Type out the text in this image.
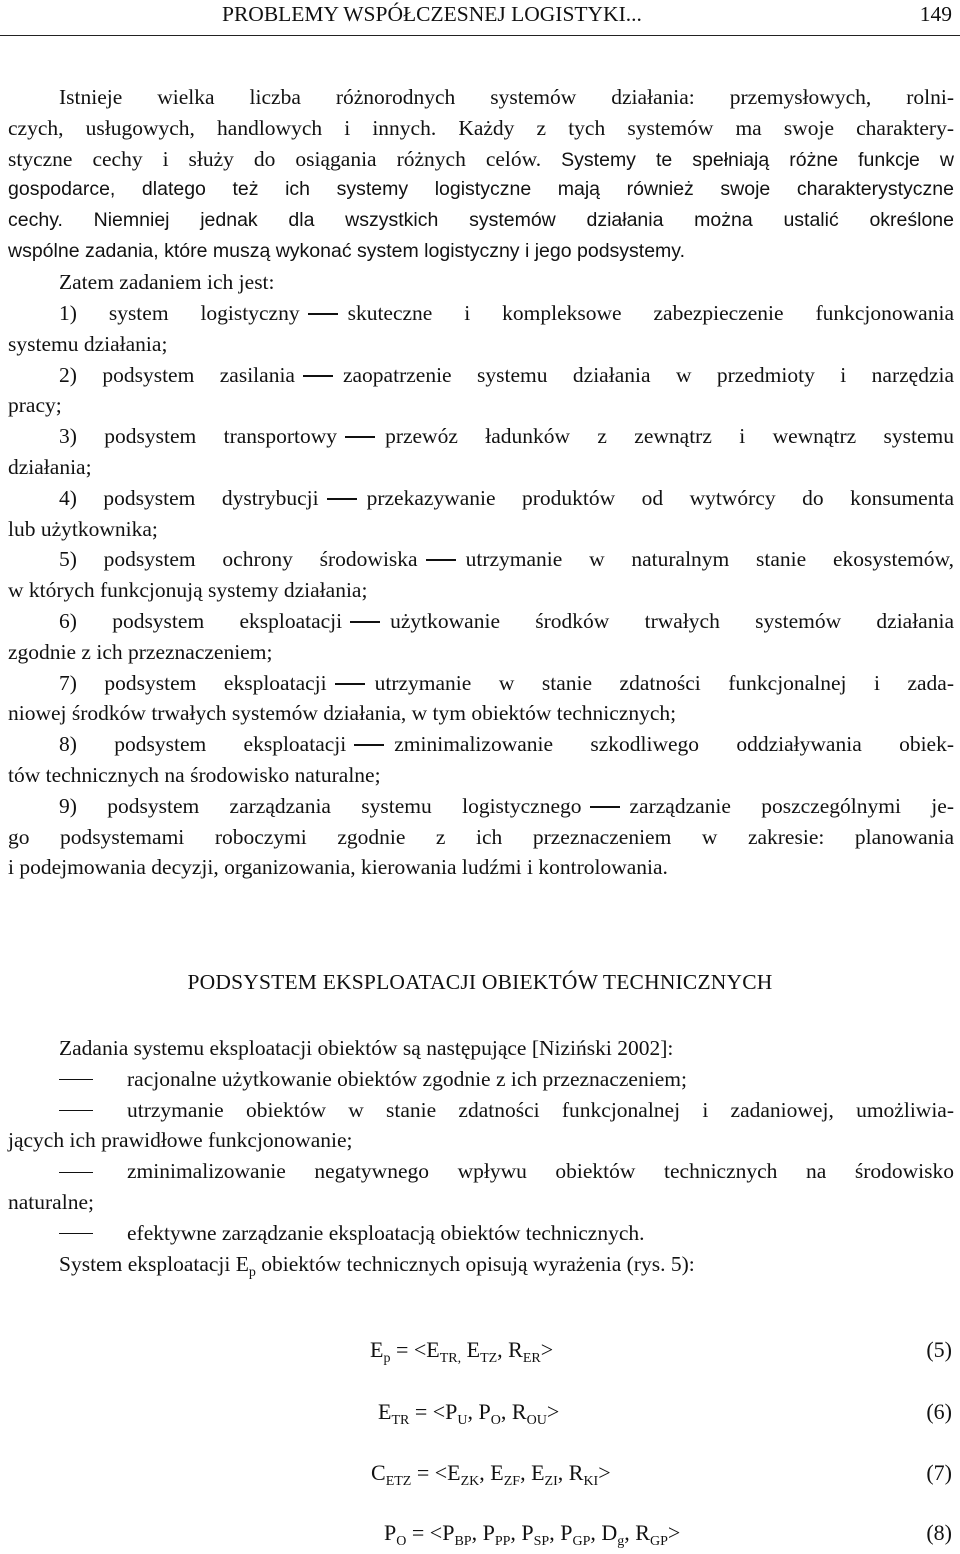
PROBLEMY WSPÓŁCZESNEJ LOGISTYKI...	149
Istnieje wielka liczba różnorodnych systemów działania: przemysłowych, rolni-
czych, usługowych, handlowych i innych. Każdy z tych systemów ma swoje charaktery-
styczne cechy i służy do osiągania różnych celów. Systemy te spełniają różne funkcje w
gospodarce, dlatego też ich systemy logistyczne mają również swoje charakterystyczne
cechy. Niemniej jednak dla wszystkich systemów działania można ustalić określone
wspólne zadania, które muszą wykonać system logistyczny i jego podsystemy.
Zatem zadaniem ich jest:
1) system logistyczny skuteczne i kompleksowe zabezpieczenie funkcjonowania
systemu działania;
2) podsystem zasilania zaopatrzenie systemu działania w przedmioty i narzędzia
pracy;
3) podsystem transportowy przewóz ładunków z zewnątrz i wewnątrz systemu
działania;
4) podsystem dystrybucji przekazywanie produktów od wytwórcy do konsumenta
lub użytkownika;
5) podsystem ochrony środowiska utrzymanie w naturalnym stanie ekosystemów,
w których funkcjonują systemy działania;
6) podsystem eksploatacji użytkowanie środków trwałych systemów działania
zgodnie z ich przeznaczeniem;
7) podsystem eksploatacji utrzymanie w stanie zdatności funkcjonalnej i zada-
niowej środków trwałych systemów działania, w tym obiektów technicznych;
8) podsystem eksploatacji zminimalizowanie szkodliwego oddziaływania obiek-
tów technicznych na środowisko naturalne;
9) podsystem zarządzania systemu logistycznego zarządzanie poszczególnymi je-
go podsystemami roboczymi zgodnie z ich przeznaczeniem w zakresie: planowania
i podejmowania decyzji, organizowania, kierowania ludźmi i kontrolowania.
PODSYSTEM EKSPLOATACJI OBIEKTÓW TECHNICZNYCH
Zadania systemu eksploatacji obiektów są następujące [Niziński 2002]:
racjonalne użytkowanie obiektów zgodnie z ich przeznaczeniem;
utrzymanie obiektów w stanie zdatności funkcjonalnej i zadaniowej, umożliwia-
jących ich prawidłowe funkcjonowanie;
zminimalizowanie negatywnego wpływu obiektów technicznych na środowisko
naturalne;
efektywne zarządzanie eksploatacją obiektów technicznych.
System eksploatacji $E_p$ obiektów technicznych opisują wyrażenia (rys. 5):
$E_p = <E_{TR,}$ $E_{TZ}$, $R_{ER}>$	(5)
$E_{TR} = <P_U$, $P_O$, $R_{OU}>$	(6)
$C_{ETZ} = <E_{ZK}$, $E_{ZF}$, $E_{ZI}$, $R_{KI}>$	(7)
$P_O = <P_{BP}$, $P_{PP}$, $P_{SP}$, $P_{GP}$, $D_g$, $R_{GP}>$	(8)
